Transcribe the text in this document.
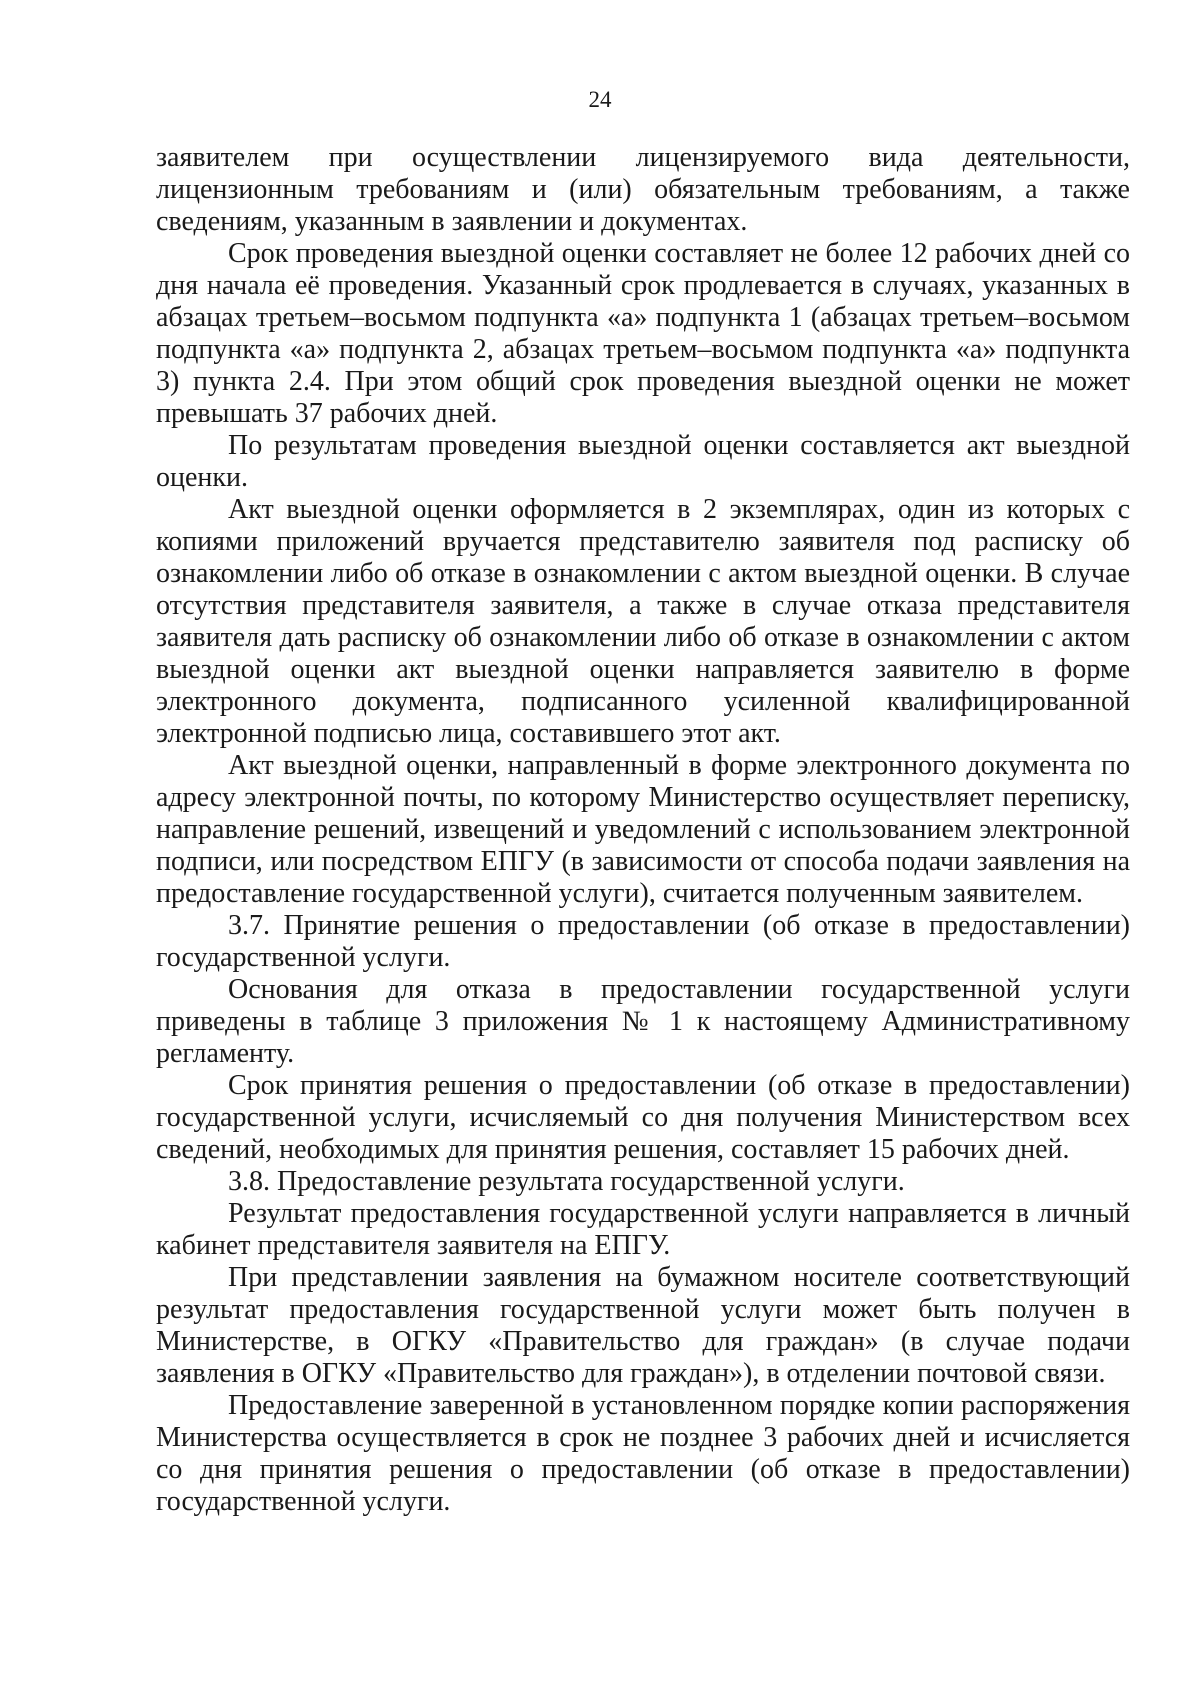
24

заявителем при осуществлении лицензируемого вида деятельности, лицензионным требованиям и (или) обязательным требованиям, а также сведениям, указанным в заявлении и документах.

Срок проведения выездной оценки составляет не более 12 рабочих дней со дня начала её проведения. Указанный срок продлевается в случаях, указанных в абзацах третьем–восьмом подпункта «а» подпункта 1 (абзацах третьем–восьмом подпункта «а» подпункта 2, абзацах третьем–восьмом подпункта «а» подпункта 3) пункта 2.4. При этом общий срок проведения выездной оценки не может превышать 37 рабочих дней.

По результатам проведения выездной оценки составляется акт выездной оценки.

Акт выездной оценки оформляется в 2 экземплярах, один из которых с копиями приложений вручается представителю заявителя под расписку об ознакомлении либо об отказе в ознакомлении с актом выездной оценки. В случае отсутствия представителя заявителя, а также в случае отказа представителя заявителя дать расписку об ознакомлении либо об отказе в ознакомлении с актом выездной оценки акт выездной оценки направляется заявителю в форме электронного документа, подписанного усиленной квалифицированной электронной подписью лица, составившего этот акт.

Акт выездной оценки, направленный в форме электронного документа по адресу электронной почты, по которому Министерство осуществляет переписку, направление решений, извещений и уведомлений с использованием электронной подписи, или посредством ЕПГУ (в зависимости от способа подачи заявления на предоставление государственной услуги), считается полученным заявителем.

3.7. Принятие решения о предоставлении (об отказе в предоставлении) государственной услуги.

Основания для отказа в предоставлении государственной услуги приведены в таблице 3 приложения № 1 к настоящему Административному регламенту.

Срок принятия решения о предоставлении (об отказе в предоставлении) государственной услуги, исчисляемый со дня получения Министерством всех сведений, необходимых для принятия решения, составляет 15 рабочих дней.

3.8. Предоставление результата государственной услуги.

Результат предоставления государственной услуги направляется в личный кабинет представителя заявителя на ЕПГУ.

При представлении заявления на бумажном носителе соответствующий результат предоставления государственной услуги может быть получен в Министерстве, в ОГКУ «Правительство для граждан» (в случае подачи заявления в ОГКУ «Правительство для граждан»), в отделении почтовой связи.

Предоставление заверенной в установленном порядке копии распоряжения Министерства осуществляется в срок не позднее 3 рабочих дней и исчисляется со дня принятия решения о предоставлении (об отказе в предоставлении) государственной услуги.
